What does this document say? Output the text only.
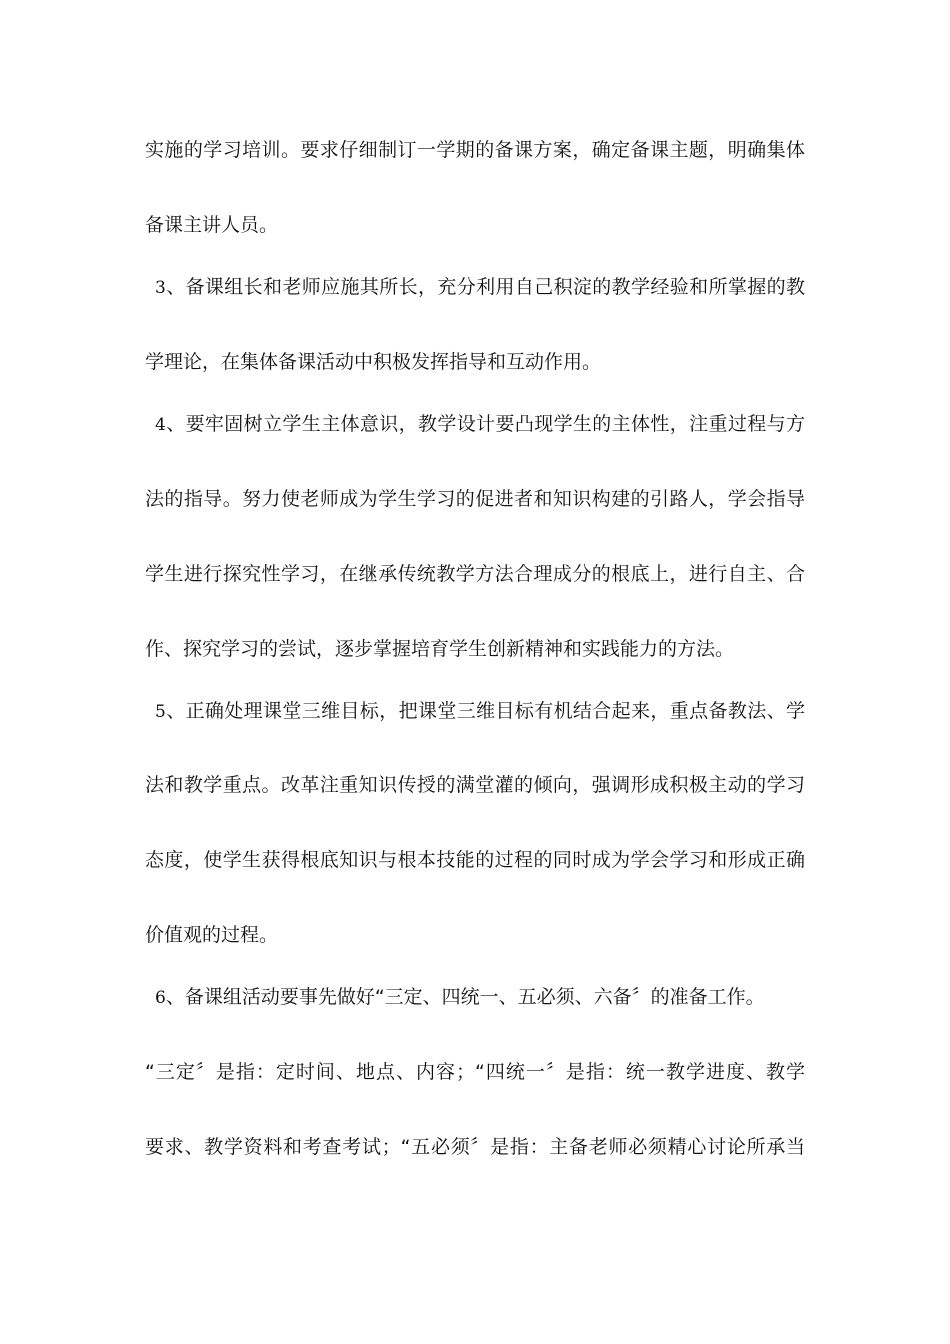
实施的学习培训。要求仔细制订一学期的备课方案，确定备课主题，明确集体
备课主讲人员。
3、备课组长和老师应施其所长，充分利用自己积淀的教学经验和所掌握的教
学理论，在集体备课活动中积极发挥指导和互动作用。
4、要牢固树立学生主体意识，教学设计要凸现学生的主体性，注重过程与方
法的指导。努力使老师成为学生学习的促进者和知识构建的引路人，学会指导
学生进行探究性学习，在继承传统教学方法合理成分的根底上，进行自主、合
作、探究学习的尝试，逐步掌握培育学生创新精神和实践能力的方法。
5、正确处理课堂三维目标，把课堂三维目标有机结合起来，重点备教法、学
法和教学重点。改革注重知识传授的满堂灌的倾向，强调形成积极主动的学习
态度，使学生获得根底知识与根本技能的过程的同时成为学会学习和形成正确
价值观的过程。
6、备课组活动要事先做好“三定、四统一、五必须、六备〞的准备工作。
“三定〞是指：定时间、地点、内容；“四统一〞是指：统一教学进度、教学
要求、教学资料和考查考试；“五必须〞是指：主备老师必须精心讨论所承当
